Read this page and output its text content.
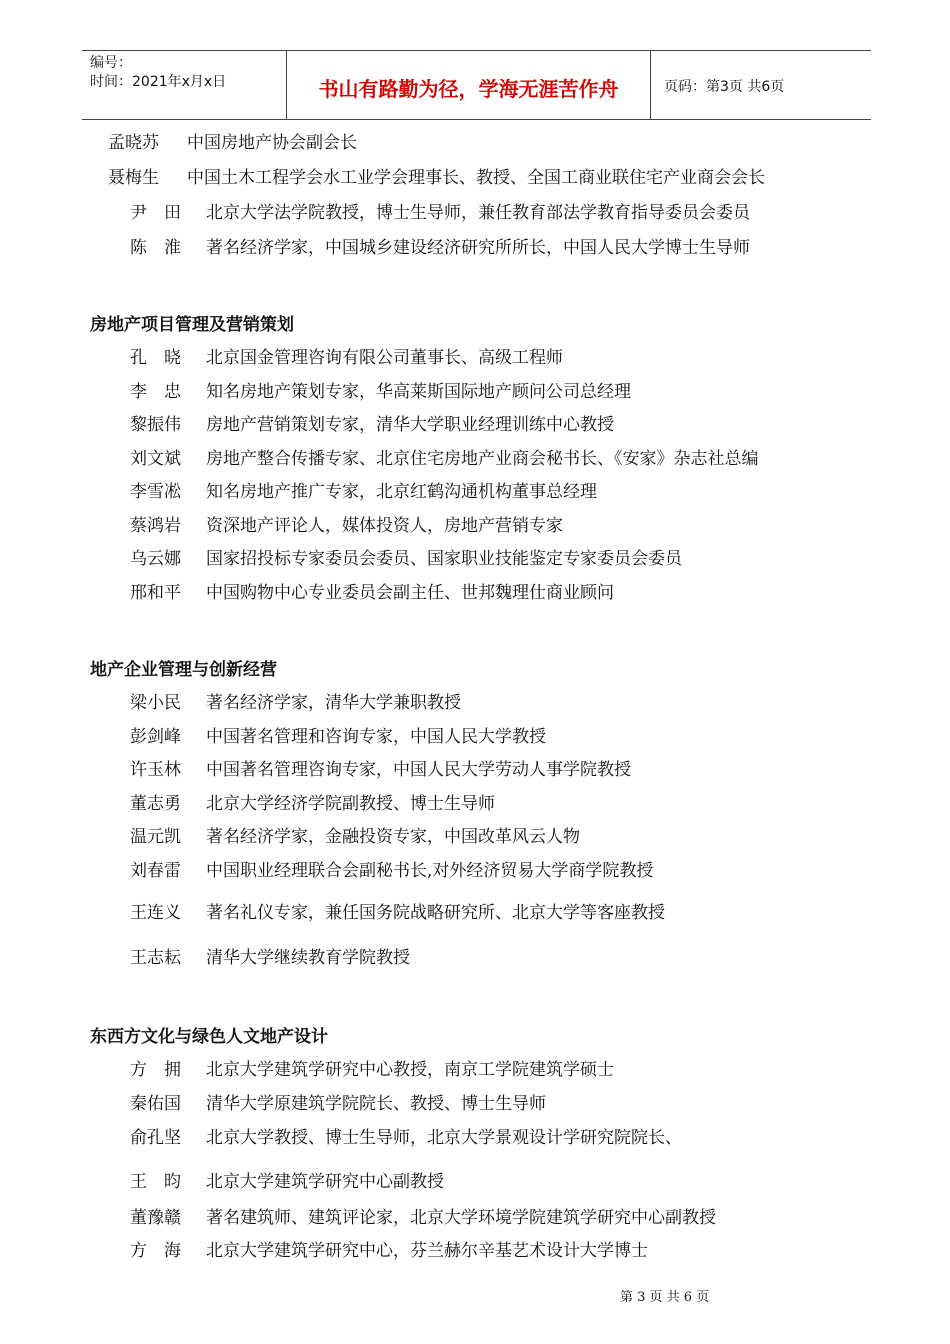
编号：
时间：2021年x月x日	书山有路勤为径，学海无涯苦作舟	页码：第3页 共6页
孟晓苏 中国房地产协会副会长
聂梅生 中国土木工程学会水工业学会理事长、教授、全国工商业联住宅产业商会会长
尹　田 北京大学法学院教授，博士生导师，兼任教育部法学教育指导委员会委员
陈　淮 著名经济学家，中国城乡建设经济研究所所长，中国人民大学博士生导师
房地产项目管理及营销策划
孔　晓 北京国金管理咨询有限公司董事长、高级工程师
李　忠 知名房地产策划专家，华高莱斯国际地产顾问公司总经理
黎振伟 房地产营销策划专家，清华大学职业经理训练中心教授
刘文斌 房地产整合传播专家、北京住宅房地产业商会秘书长、《安家》杂志社总编
李雪凇 知名房地产推广专家，北京红鹤沟通机构董事总经理
蔡鸿岩 资深地产评论人，媒体投资人，房地产营销专家
乌云娜 国家招投标专家委员会委员、国家职业技能鉴定专家委员会委员
邢和平 中国购物中心专业委员会副主任、世邦魏理仕商业顾问
地产企业管理与创新经营
梁小民 著名经济学家，清华大学兼职教授
彭剑峰 中国著名管理和咨询专家，中国人民大学教授
许玉林 中国著名管理咨询专家，中国人民大学劳动人事学院教授
董志勇 北京大学经济学院副教授、博士生导师
温元凯 著名经济学家，金融投资专家，中国改革风云人物
刘春雷 中国职业经理联合会副秘书长,对外经济贸易大学商学院教授
王连义 著名礼仪专家，兼任国务院战略研究所、北京大学等客座教授
王志耘 清华大学继续教育学院教授
东西方文化与绿色人文地产设计
方　拥 北京大学建筑学研究中心教授，南京工学院建筑学硕士
秦佑国 清华大学原建筑学院院长、教授、博士生导师
俞孔坚 北京大学教授、博士生导师，北京大学景观设计学研究院院长、
王　昀 北京大学建筑学研究中心副教授
董豫赣 著名建筑师、建筑评论家，北京大学环境学院建筑学研究中心副教授
方　海 北京大学建筑学研究中心，芬兰赫尔辛基艺术设计大学博士
第 3 页 共 6 页
